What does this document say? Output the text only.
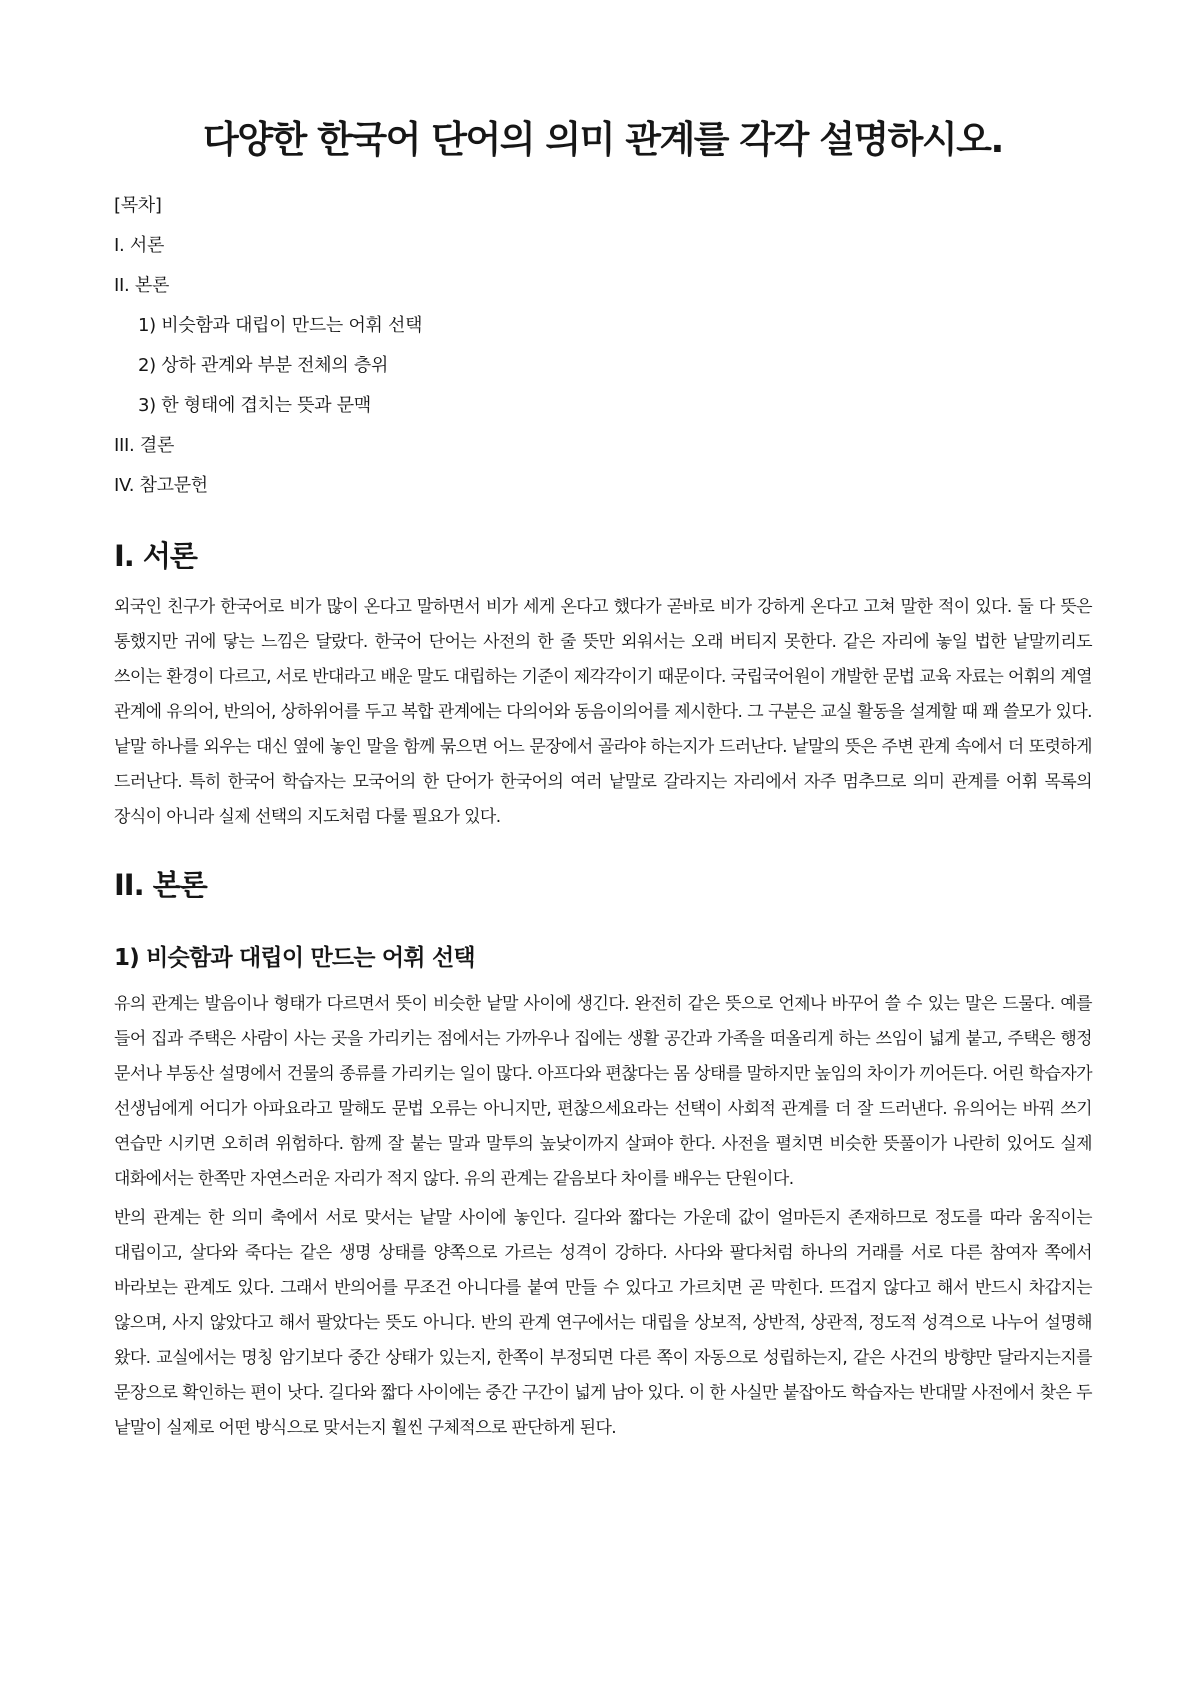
다양한 한국어 단어의 의미 관계를 각각 설명하시오.

[목차]

I. 서론

II. 본론

1) 비슷함과 대립이 만드는 어휘 선택

2) 상하 관계와 부분 전체의 층위

3) 한 형태에 겹치는 뜻과 문맥

III. 결론

IV. 참고문헌

I. 서론

외국인 친구가 한국어로 비가 많이 온다고 말하면서 비가 세게 온다고 했다가 곧바로 비가 강하게 온다고 고쳐 말한 적이 있다. 둘 다 뜻은 통했지만 귀에 닿는 느낌은 달랐다. 한국어 단어는 사전의 한 줄 뜻만 외워서는 오래 버티지 못한다. 같은 자리에 놓일 법한 낱말끼리도 쓰이는 환경이 다르고, 서로 반대라고 배운 말도 대립하는 기준이 제각각이기 때문이다. 국립국어원이 개발한 문법 교육 자료는 어휘의 계열 관계에 유의어, 반의어, 상하위어를 두고 복합 관계에는 다의어와 동음이의어를 제시한다. 그 구분은 교실 활동을 설계할 때 꽤 쓸모가 있다. 낱말 하나를 외우는 대신 옆에 놓인 말을 함께 묶으면 어느 문장에서 골라야 하는지가 드러난다. 낱말의 뜻은 주변 관계 속에서 더 또렷하게 드러난다. 특히 한국어 학습자는 모국어의 한 단어가 한국어의 여러 낱말로 갈라지는 자리에서 자주 멈추므로 의미 관계를 어휘 목록의 장식이 아니라 실제 선택의 지도처럼 다룰 필요가 있다.

II. 본론
1) 비슷함과 대립이 만드는 어휘 선택

유의 관계는 발음이나 형태가 다르면서 뜻이 비슷한 낱말 사이에 생긴다. 완전히 같은 뜻으로 언제나 바꾸어 쓸 수 있는 말은 드물다. 예를 들어 집과 주택은 사람이 사는 곳을 가리키는 점에서는 가까우나 집에는 생활 공간과 가족을 떠올리게 하는 쓰임이 넓게 붙고, 주택은 행정 문서나 부동산 설명에서 건물의 종류를 가리키는 일이 많다. 아프다와 편찮다는 몸 상태를 말하지만 높임의 차이가 끼어든다. 어린 학습자가 선생님에게 어디가 아파요라고 말해도 문법 오류는 아니지만, 편찮으세요라는 선택이 사회적 관계를 더 잘 드러낸다. 유의어는 바꿔 쓰기 연습만 시키면 오히려 위험하다. 함께 잘 붙는 말과 말투의 높낮이까지 살펴야 한다. 사전을 펼치면 비슷한 뜻풀이가 나란히 있어도 실제 대화에서는 한쪽만 자연스러운 자리가 적지 않다. 유의 관계는 같음보다 차이를 배우는 단원이다.

반의 관계는 한 의미 축에서 서로 맞서는 낱말 사이에 놓인다. 길다와 짧다는 가운데 값이 얼마든지 존재하므로 정도를 따라 움직이는 대립이고, 살다와 죽다는 같은 생명 상태를 양쪽으로 가르는 성격이 강하다. 사다와 팔다처럼 하나의 거래를 서로 다른 참여자 쪽에서 바라보는 관계도 있다. 그래서 반의어를 무조건 아니다를 붙여 만들 수 있다고 가르치면 곧 막힌다. 뜨겁지 않다고 해서 반드시 차갑지는 않으며, 사지 않았다고 해서 팔았다는 뜻도 아니다. 반의 관계 연구에서는 대립을 상보적, 상반적, 상관적, 정도적 성격으로 나누어 설명해 왔다. 교실에서는 명칭 암기보다 중간 상태가 있는지, 한쪽이 부정되면 다른 쪽이 자동으로 성립하는지, 같은 사건의 방향만 달라지는지를 문장으로 확인하는 편이 낫다. 길다와 짧다 사이에는 중간 구간이 넓게 남아 있다. 이 한 사실만 붙잡아도 학습자는 반대말 사전에서 찾은 두 낱말이 실제로 어떤 방식으로 맞서는지 훨씬 구체적으로 판단하게 된다.
